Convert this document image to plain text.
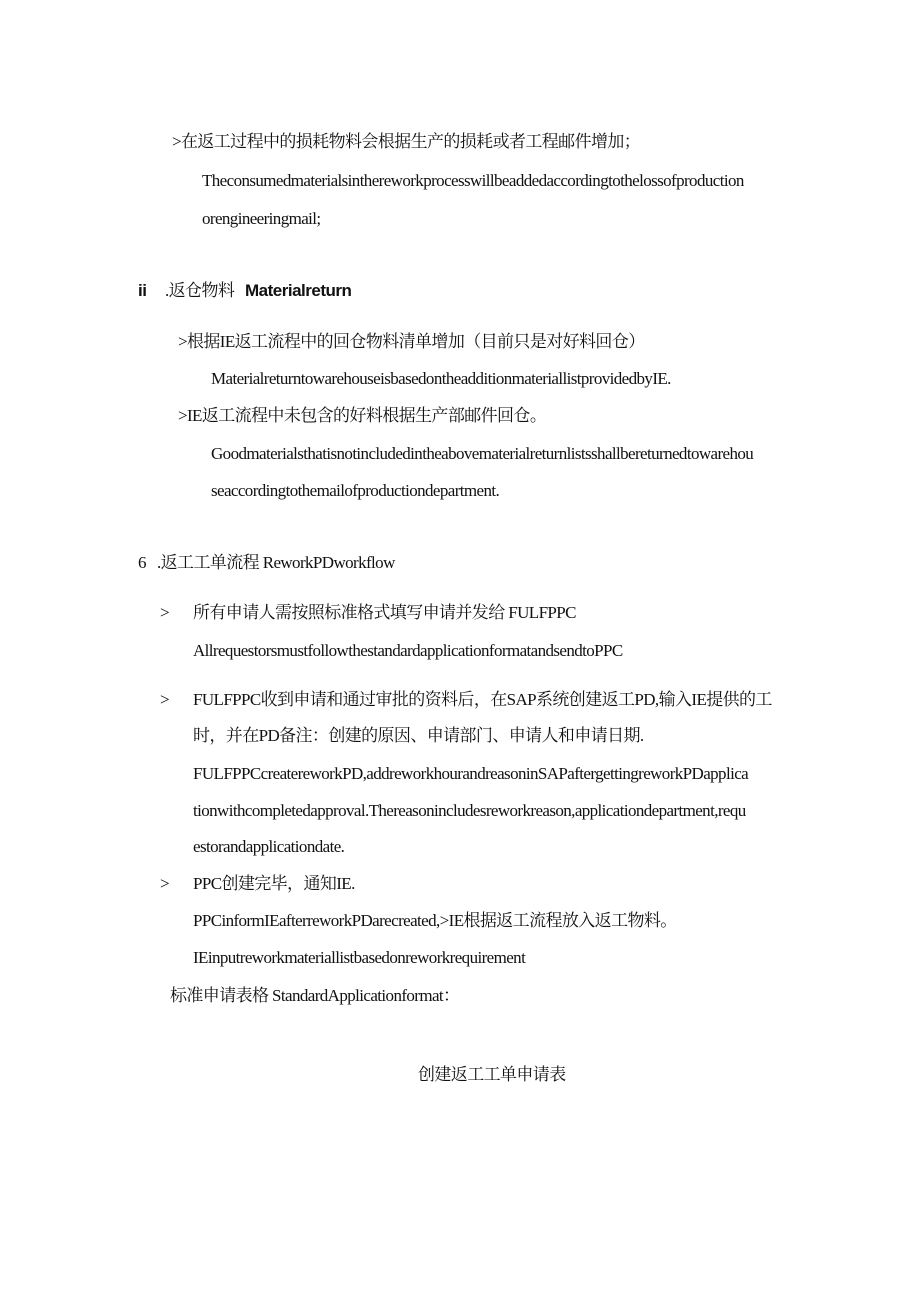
>在返工过程中的损耗物料会根据生产的损耗或者工程邮件增加；
Theconsumedmaterialsinthereworkprocesswillbeaddedaccordingtothelossofproduction
orengineeringmail;
ii .返仓物料 Materialreturn
>根据IE返工流程中的回仓物料清单增加（目前只是对好料回仓）
MaterialreturntowarehouseisbasedontheadditionmateriallistprovidedbyIE.
>IE返工流程中未包含的好料根据生产部邮件回仓。
Goodmaterialsthatisnotincludedintheabovematerialreturnlistsshallbereturnedtowarehou
seaccordingtothemailofproductiondepartment.
6 .返工工单流程 ReworkPDworkflow
> 所有申请人需按照标准格式填写申请并发给 FULFPPC
AllrequestorsmustfollowthestandardapplicationformatandsendtoPPC
> FULFPPC收到申请和通过审批的资料后，在SAP系统创建返工PD,输入IE提供的工
时，并在PD备注：创建的原因、申请部门、申请人和申请日期.
FULFPPCcreatereworkPD,addreworkhourandreasoninSAPaftergettingreworkPDapplica
tionwithcompletedapproval.Thereasonincludesreworkreason,applicationdepartment,requ
estorandapplicationdate.
> PPC创建完毕，通知IE.
PPCinformIEafterreworkPDarecreated,>IE根据返工流程放入返工物料。
IEinputreworkmateriallistbasedonreworkrequirement
标准申请表格 StandardApplicationformat：
创建返工工单申请表
